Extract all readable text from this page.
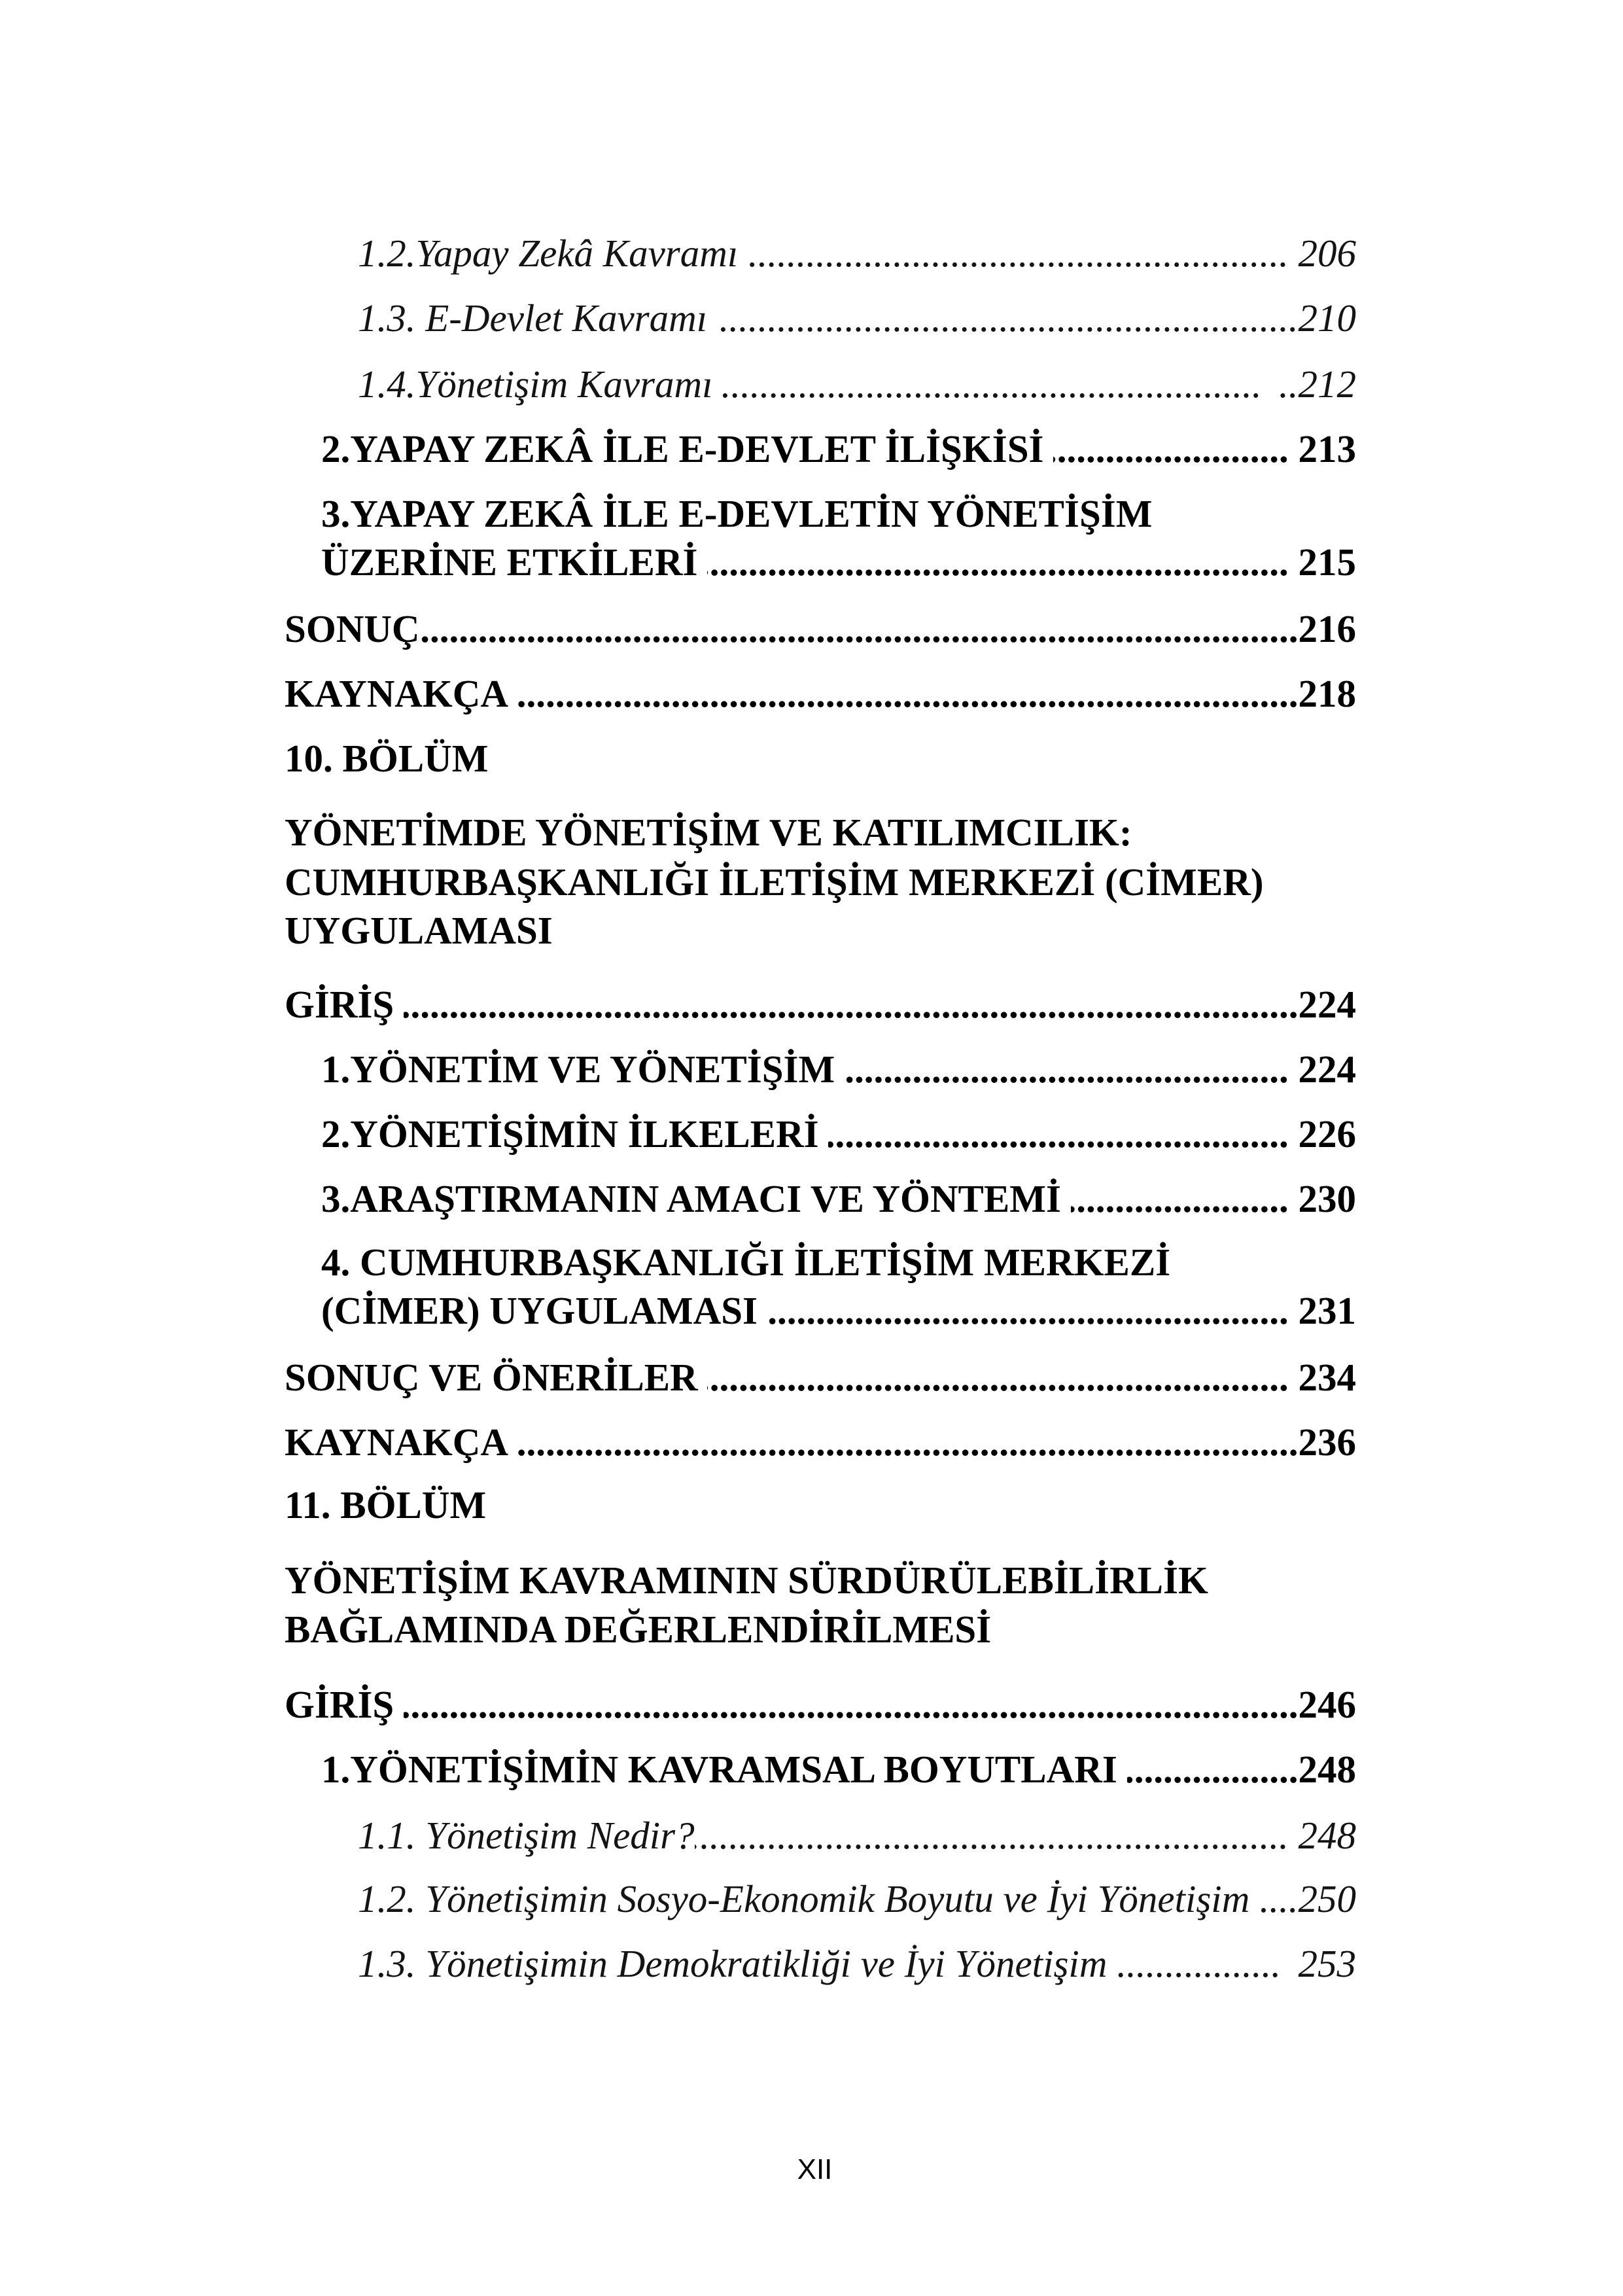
1.2.Yapay Zekâ Kavramı .....	206
1.3. E-Devlet Kavramı .....	210
1.4.Yönetişim Kavramı .....	.. 212
2.YAPAY ZEKÂ İLE E-DEVLET İLİŞKİSİ .....	213
3.YAPAY ZEKÂ İLE E-DEVLETİN YÖNETİŞİM
ÜZERİNE ETKİLERİ .....	215
SONUÇ .....	216
KAYNAKÇA .....	218
10. BÖLÜM
YÖNETİMDE YÖNETİŞİM VE KATILIMCILIK:
CUMHURBAŞKANLIĞI İLETİŞİM MERKEZİ (CİMER)
UYGULAMASI
GİRİŞ .....	224
1.YÖNETİM VE YÖNETİŞİM .....	224
2.YÖNETİŞİMİN İLKELERİ .....	226
3.ARAŞTIRMANIN AMACI VE YÖNTEMİ .....	230
4. CUMHURBAŞKANLIĞI İLETİŞİM MERKEZİ
(CİMER) UYGULAMASI .....	231
SONUÇ VE ÖNERİLER .....	234
KAYNAKÇA .....	236
11. BÖLÜM
YÖNETİŞİM KAVRAMININ SÜRDÜRÜLEBİLİRLİK
BAĞLAMINDA DEĞERLENDİRİLMESİ
GİRİŞ .....	246
1.YÖNETİŞİMİN KAVRAMSAL BOYUTLARI .....	248
1.1. Yönetişim Nedir? .....	248
1.2. Yönetişimin Sosyo-Ekonomik Boyutu ve İyi Yönetişim ..... 250
1.3. Yönetişimin Demokratikliği ve İyi Yönetişim .....	253
XII
